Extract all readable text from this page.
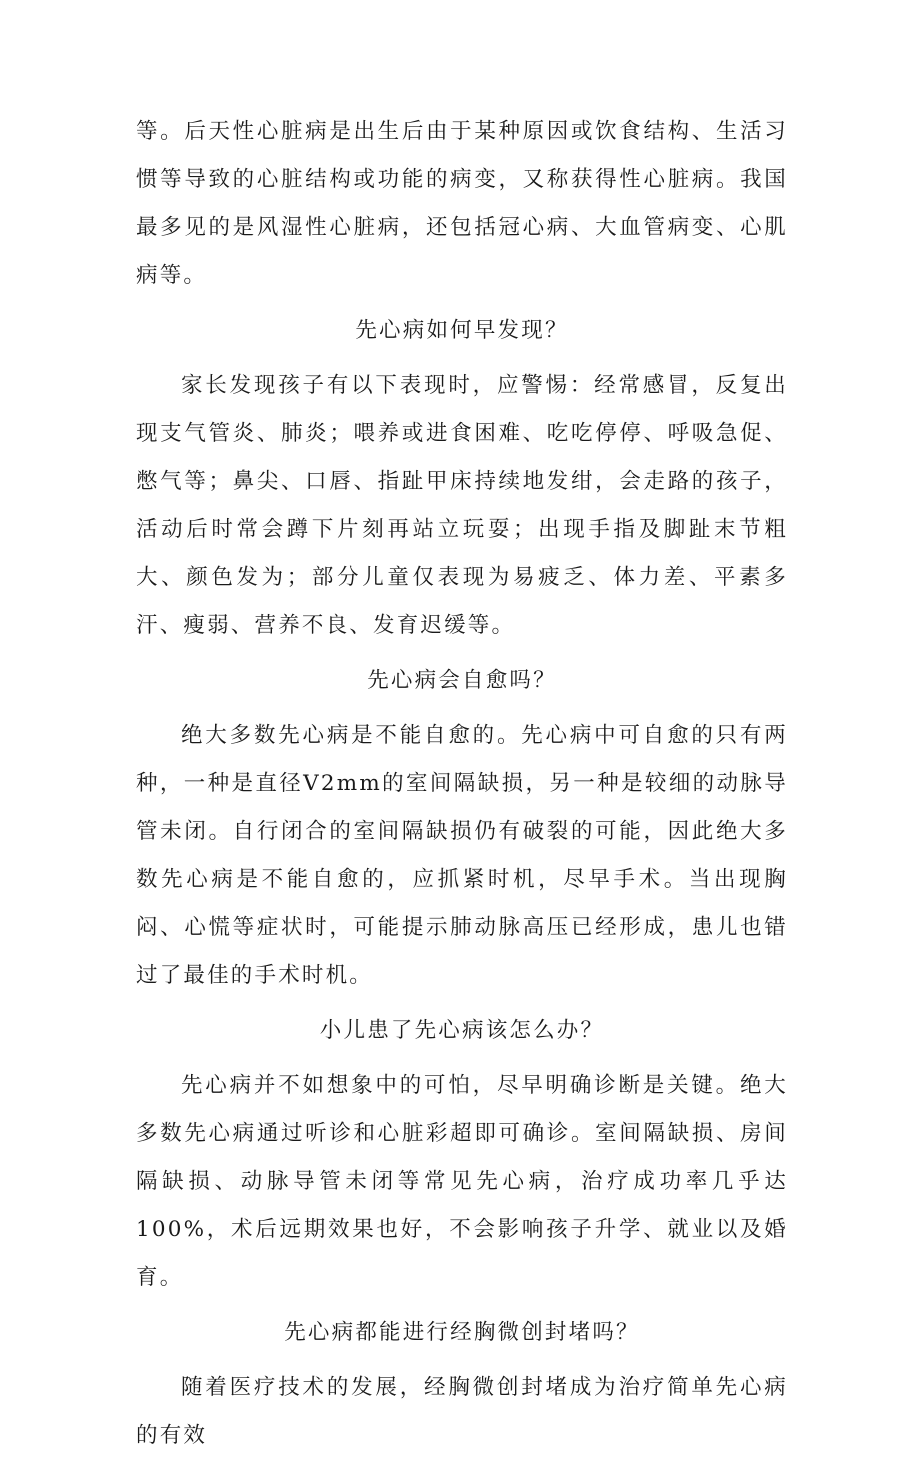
等。后天性心脏病是出生后由于某种原因或饮食结构、生活习惯等导致的心脏结构或功能的病变，又称获得性心脏病。我国最多见的是风湿性心脏病，还包括冠心病、大血管病变、心肌病等。

先心病如何早发现？

家长发现孩子有以下表现时，应警惕：经常感冒，反复出现支气管炎、肺炎；喂养或进食困难、吃吃停停、呼吸急促、憋气等；鼻尖、口唇、指趾甲床持续地发绀，会走路的孩子，活动后时常会蹲下片刻再站立玩耍；出现手指及脚趾末节粗大、颜色发为；部分儿童仅表现为易疲乏、体力差、平素多汗、瘦弱、营养不良、发育迟缓等。

先心病会自愈吗？

绝大多数先心病是不能自愈的。先心病中可自愈的只有两种，一种是直径V2mm的室间隔缺损，另一种是较细的动脉导管未闭。自行闭合的室间隔缺损仍有破裂的可能，因此绝大多数先心病是不能自愈的，应抓紧时机，尽早手术。当出现胸闷、心慌等症状时，可能提示肺动脉高压已经形成，患儿也错过了最佳的手术时机。

小儿患了先心病该怎么办？

先心病并不如想象中的可怕，尽早明确诊断是关键。绝大多数先心病通过听诊和心脏彩超即可确诊。室间隔缺损、房间隔缺损、动脉导管未闭等常见先心病，治疗成功率几乎达100%，术后远期效果也好，不会影响孩子升学、就业以及婚育。

先心病都能进行经胸微创封堵吗？

随着医疗技术的发展，经胸微创封堵成为治疗简单先心病的有效
